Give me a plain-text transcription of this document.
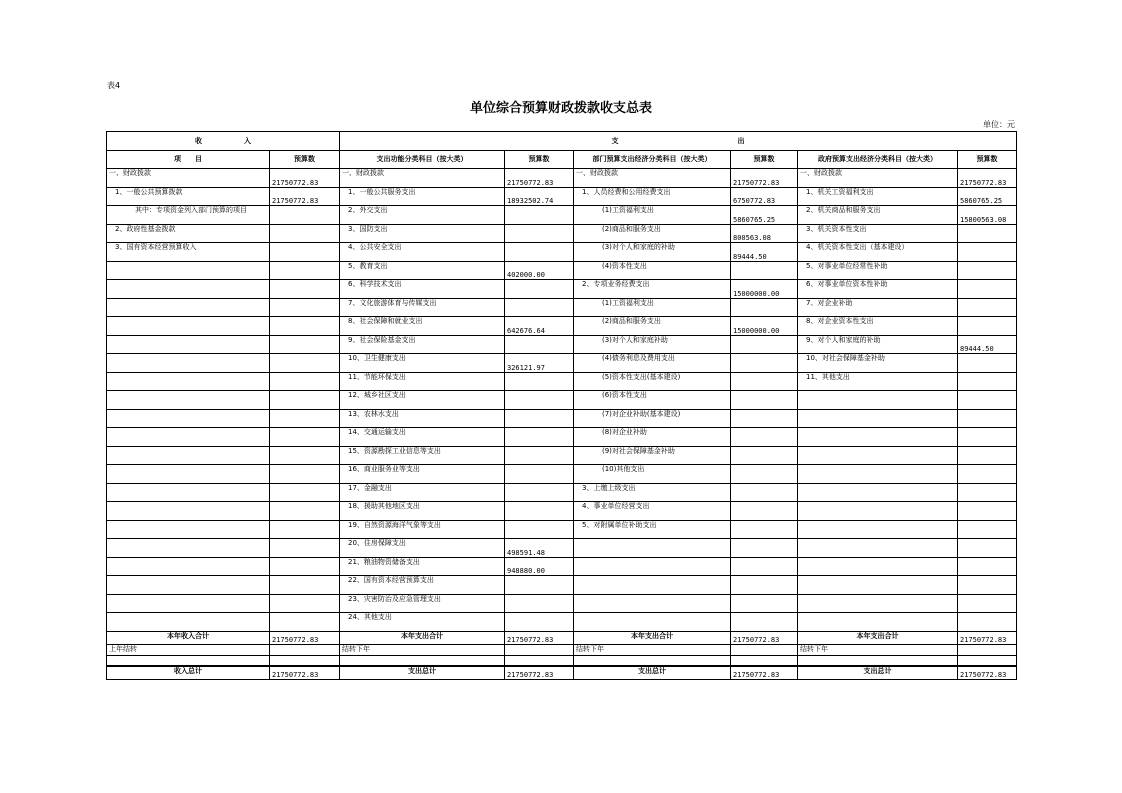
表4
单位综合预算财政拨款收支总表
单位：元
收　　　　　　入		支　　　　　　　　　　　　　　　　　出					
项　　目	预算数	支出功能分类科目（按大类）	预算数	部门预算支出经济分类科目（按大类）	预算数	政府预算支出经济分类科目（按大类）	预算数
一、财政拨款	21750772.83	一、财政拨款	21750772.83	一、财政拨款	21750772.83	一、财政拨款	21750772.83
1、一般公共预算拨款	21750772.83	1、一般公共服务支出	18932502.74	1、人员经费和公用经费支出	6750772.83	1、机关工资福利支出	5860765.25
其中：专项资金列入部门预算的项目		2、外交支出		(1)工资福利支出	5860765.25	2、机关商品和服务支出	15800563.08
2、政府性基金拨款		3、国防支出		(2)商品和服务支出	800563.08	3、机关资本性支出	
3、国有资本经营预算收入		4、公共安全支出		(3)对个人和家庭的补助	89444.50	4、机关资本性支出（基本建设）	
		5、教育支出	402000.00	(4)资本性支出		5、对事业单位经常性补助	
		6、科学技术支出		2、专项业务经费支出	15000000.00	6、对事业单位资本性补助	
		7、文化旅游体育与传媒支出		(1)工资福利支出		7、对企业补助	
		8、社会保障和就业支出	642676.64	(2)商品和服务支出	15000000.00	8、对企业资本性支出	
		9、社会保险基金支出		(3)对个人和家庭补助		9、对个人和家庭的补助	89444.50
		10、卫生健康支出	326121.97	(4)债务利息及费用支出		10、对社会保障基金补助	
		11、节能环保支出		(5)资本性支出(基本建设)		11、其他支出	
		12、城乡社区支出		(6)资本性支出			
		13、农林水支出		(7)对企业补助(基本建设)			
		14、交通运输支出		(8)对企业补助			
		15、资源勘探工业信息等支出		(9)对社会保障基金补助			
		16、商业服务业等支出		(10)其他支出			
		17、金融支出		3、上缴上级支出			
		18、援助其他地区支出		4、事业单位经营支出			
		19、自然资源海洋气象等支出		5、对附属单位补助支出			
		20、住房保障支出	498591.48				
		21、粮油物资储备支出	948880.00				
		22、国有资本经营预算支出					
		23、灾害防治及应急管理支出					
		24、其他支出					
本年收入合计	21750772.83	本年支出合计	21750772.83	本年支出合计	21750772.83	本年支出合计	21750772.83
上年结转		结转下年		结转下年		结转下年	

收入总计	21750772.83	支出总计	21750772.83	支出总计	21750772.83	支出总计	21750772.83
